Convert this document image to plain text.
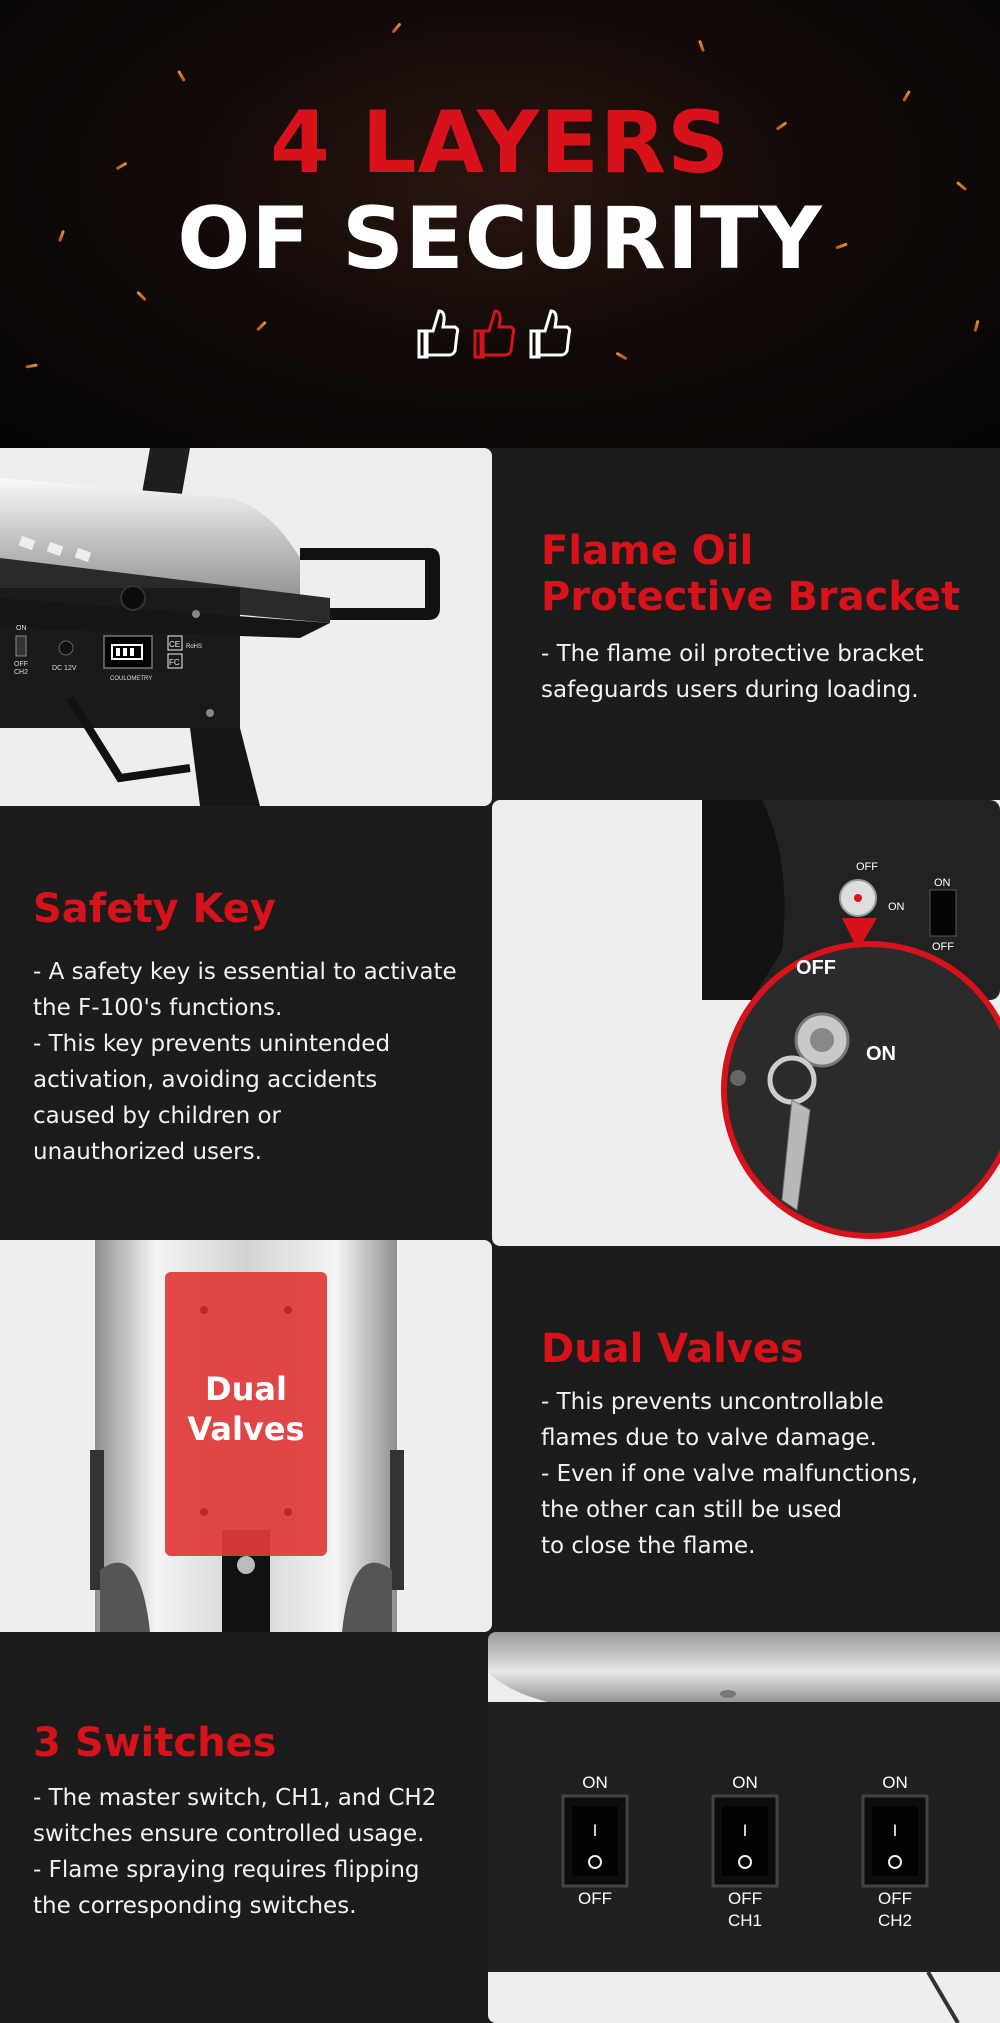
4 LAYERS
OF SECURITY
ON
OFF
CH2
DC 12V
COULOMETRY
CE
FC
RoHS
Flame Oil
Protective Bracket
- The flame oil protective bracket
safeguards users during loading.
Safety Key
- A safety key is essential to activate
the F-100's functions.
- This key prevents unintended
activation, avoiding accidents
caused by children or
unauthorized users.
OFF
ON
ON
OFF
OFF
ON
Dual
Valves
Dual Valves
- This prevents uncontrollable
flames due to valve damage.
- Even if one valve malfunctions,
the other can still be used
to close the flame.
3 Switches
- The master switch, CH1, and CH2
switches ensure controlled usage.
- Flame spraying requires flipping
the corresponding switches.
I
ON
OFF
I
ON
OFF
CH1
I
ON
OFF
CH2
